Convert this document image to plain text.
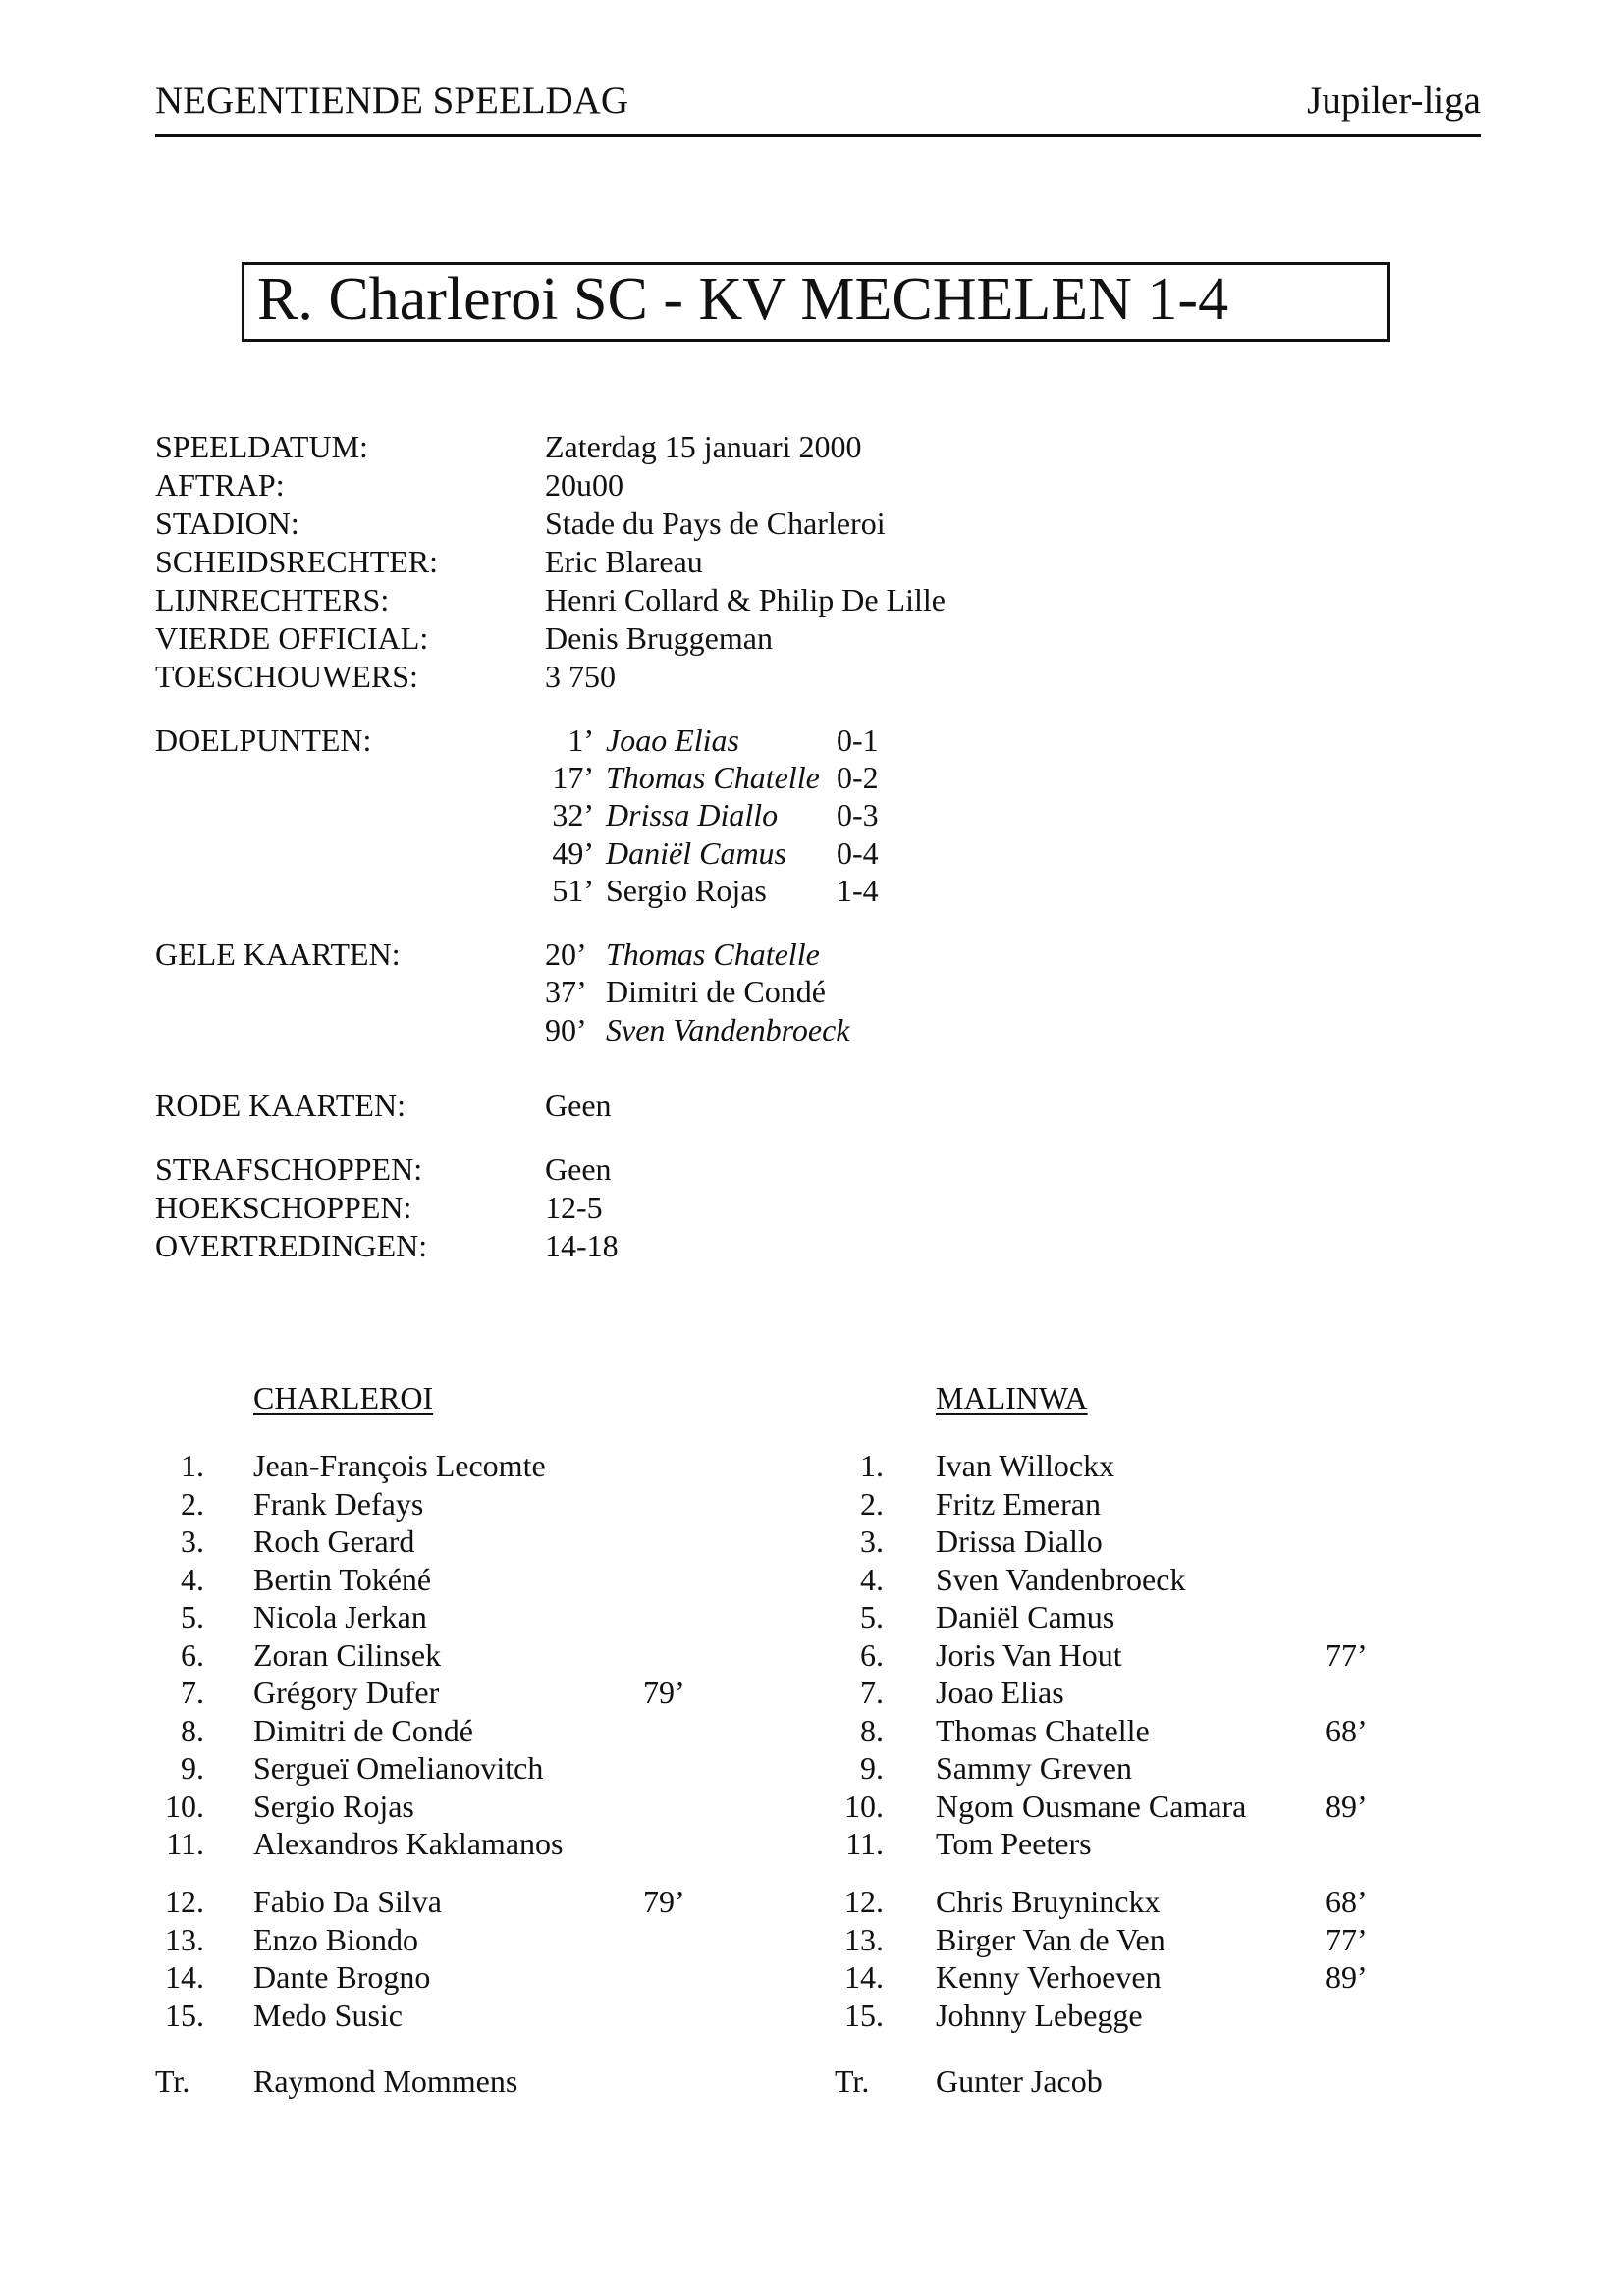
NEGENTIENDE SPEELDAG	Jupiler-liga
R. Charleroi SC - KV MECHELEN 1-4
SPEELDATUM:	Zaterdag 15 januari 2000
AFTRAP:	20u00
STADION:	Stade du Pays de Charleroi
SCHEIDSRECHTER:	Eric Blareau
LIJNRECHTERS:	Henri Collard & Philip De Lille
VIERDE OFFICIAL:	Denis Bruggeman
TOESCHOUWERS:	3 750
DOELPUNTEN:	1’ Joao Elias	0-1
17’ Thomas Chatelle 0-2
32’ Drissa Diallo 0-3
49’ Daniël Camus 0-4
51’ Sergio Rojas 1-4
GELE KAARTEN:	20’ Thomas Chatelle
37’ Dimitri de Condé
90’ Sven Vandenbroeck
RODE KAARTEN:	Geen
STRAFSCHOPPEN:	Geen
HOEKSCHOPPEN:	12-5
OVERTREDINGEN:	14-18
CHARLEROI	MALINWA
1. Jean-François Lecomte
2. Frank Defays
3. Roch Gerard
4. Bertin Tokéné
5. Nicola Jerkan
6. Zoran Cilinsek
7. Grégory Dufer	79’
8. Dimitri de Condé
9. Sergueï Omelianovitch
10. Sergio Rojas
11. Alexandros Kaklamanos
12. Fabio Da Silva	79’
13. Enzo Biondo
14. Dante Brogno
15. Medo Susic
Tr. Raymond Mommens
1. Ivan Willockx
2. Fritz Emeran
3. Drissa Diallo
4. Sven Vandenbroeck
5. Daniël Camus
6. Joris Van Hout	77’
7. Joao Elias
8. Thomas Chatelle	68’
9. Sammy Greven
10. Ngom Ousmane Camara	89’
11. Tom Peeters
12. Chris Bruyninckx	68’
13. Birger Van de Ven	77’
14. Kenny Verhoeven	89’
15. Johnny Lebegge
Tr. Gunter Jacob
